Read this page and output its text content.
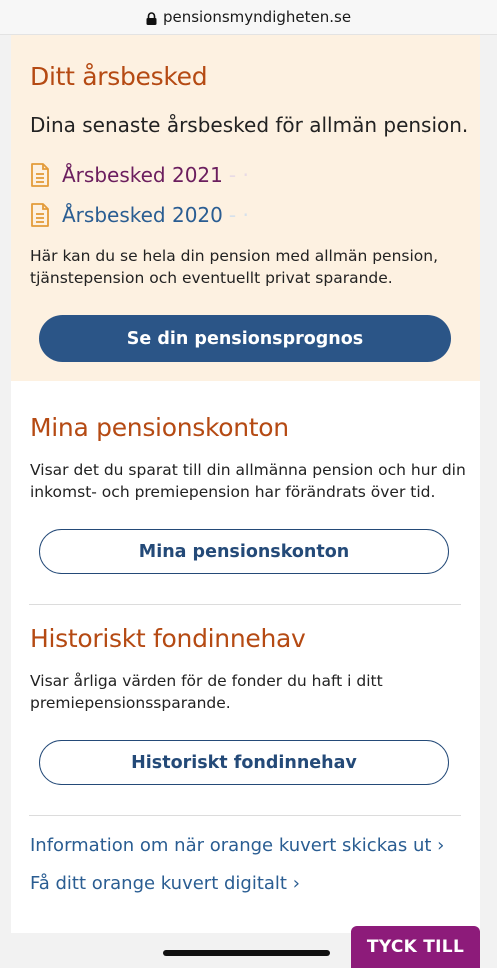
pensionsmyndigheten.se
Ditt årsbesked
Dina senaste årsbesked för allmän pension.
Årsbesked 2021 - ·
Årsbesked 2020 - ·
Här kan du se hela din pension med allmän pension, tjänstepension och eventuellt privat sparande.
Se din pensionsprognos
Mina pensionskonton
Visar det du sparat till din allmänna pension och hur din inkomst- och premiepension har förändrats över tid.
Mina pensionskonton
Historiskt fondinnehav
Visar årliga värden för de fonder du haft i ditt premiepensionssparande.
Historiskt fondinnehav
Information om när orange kuvert skickas ut ›
Få ditt orange kuvert digitalt ›
TYCK TILL
